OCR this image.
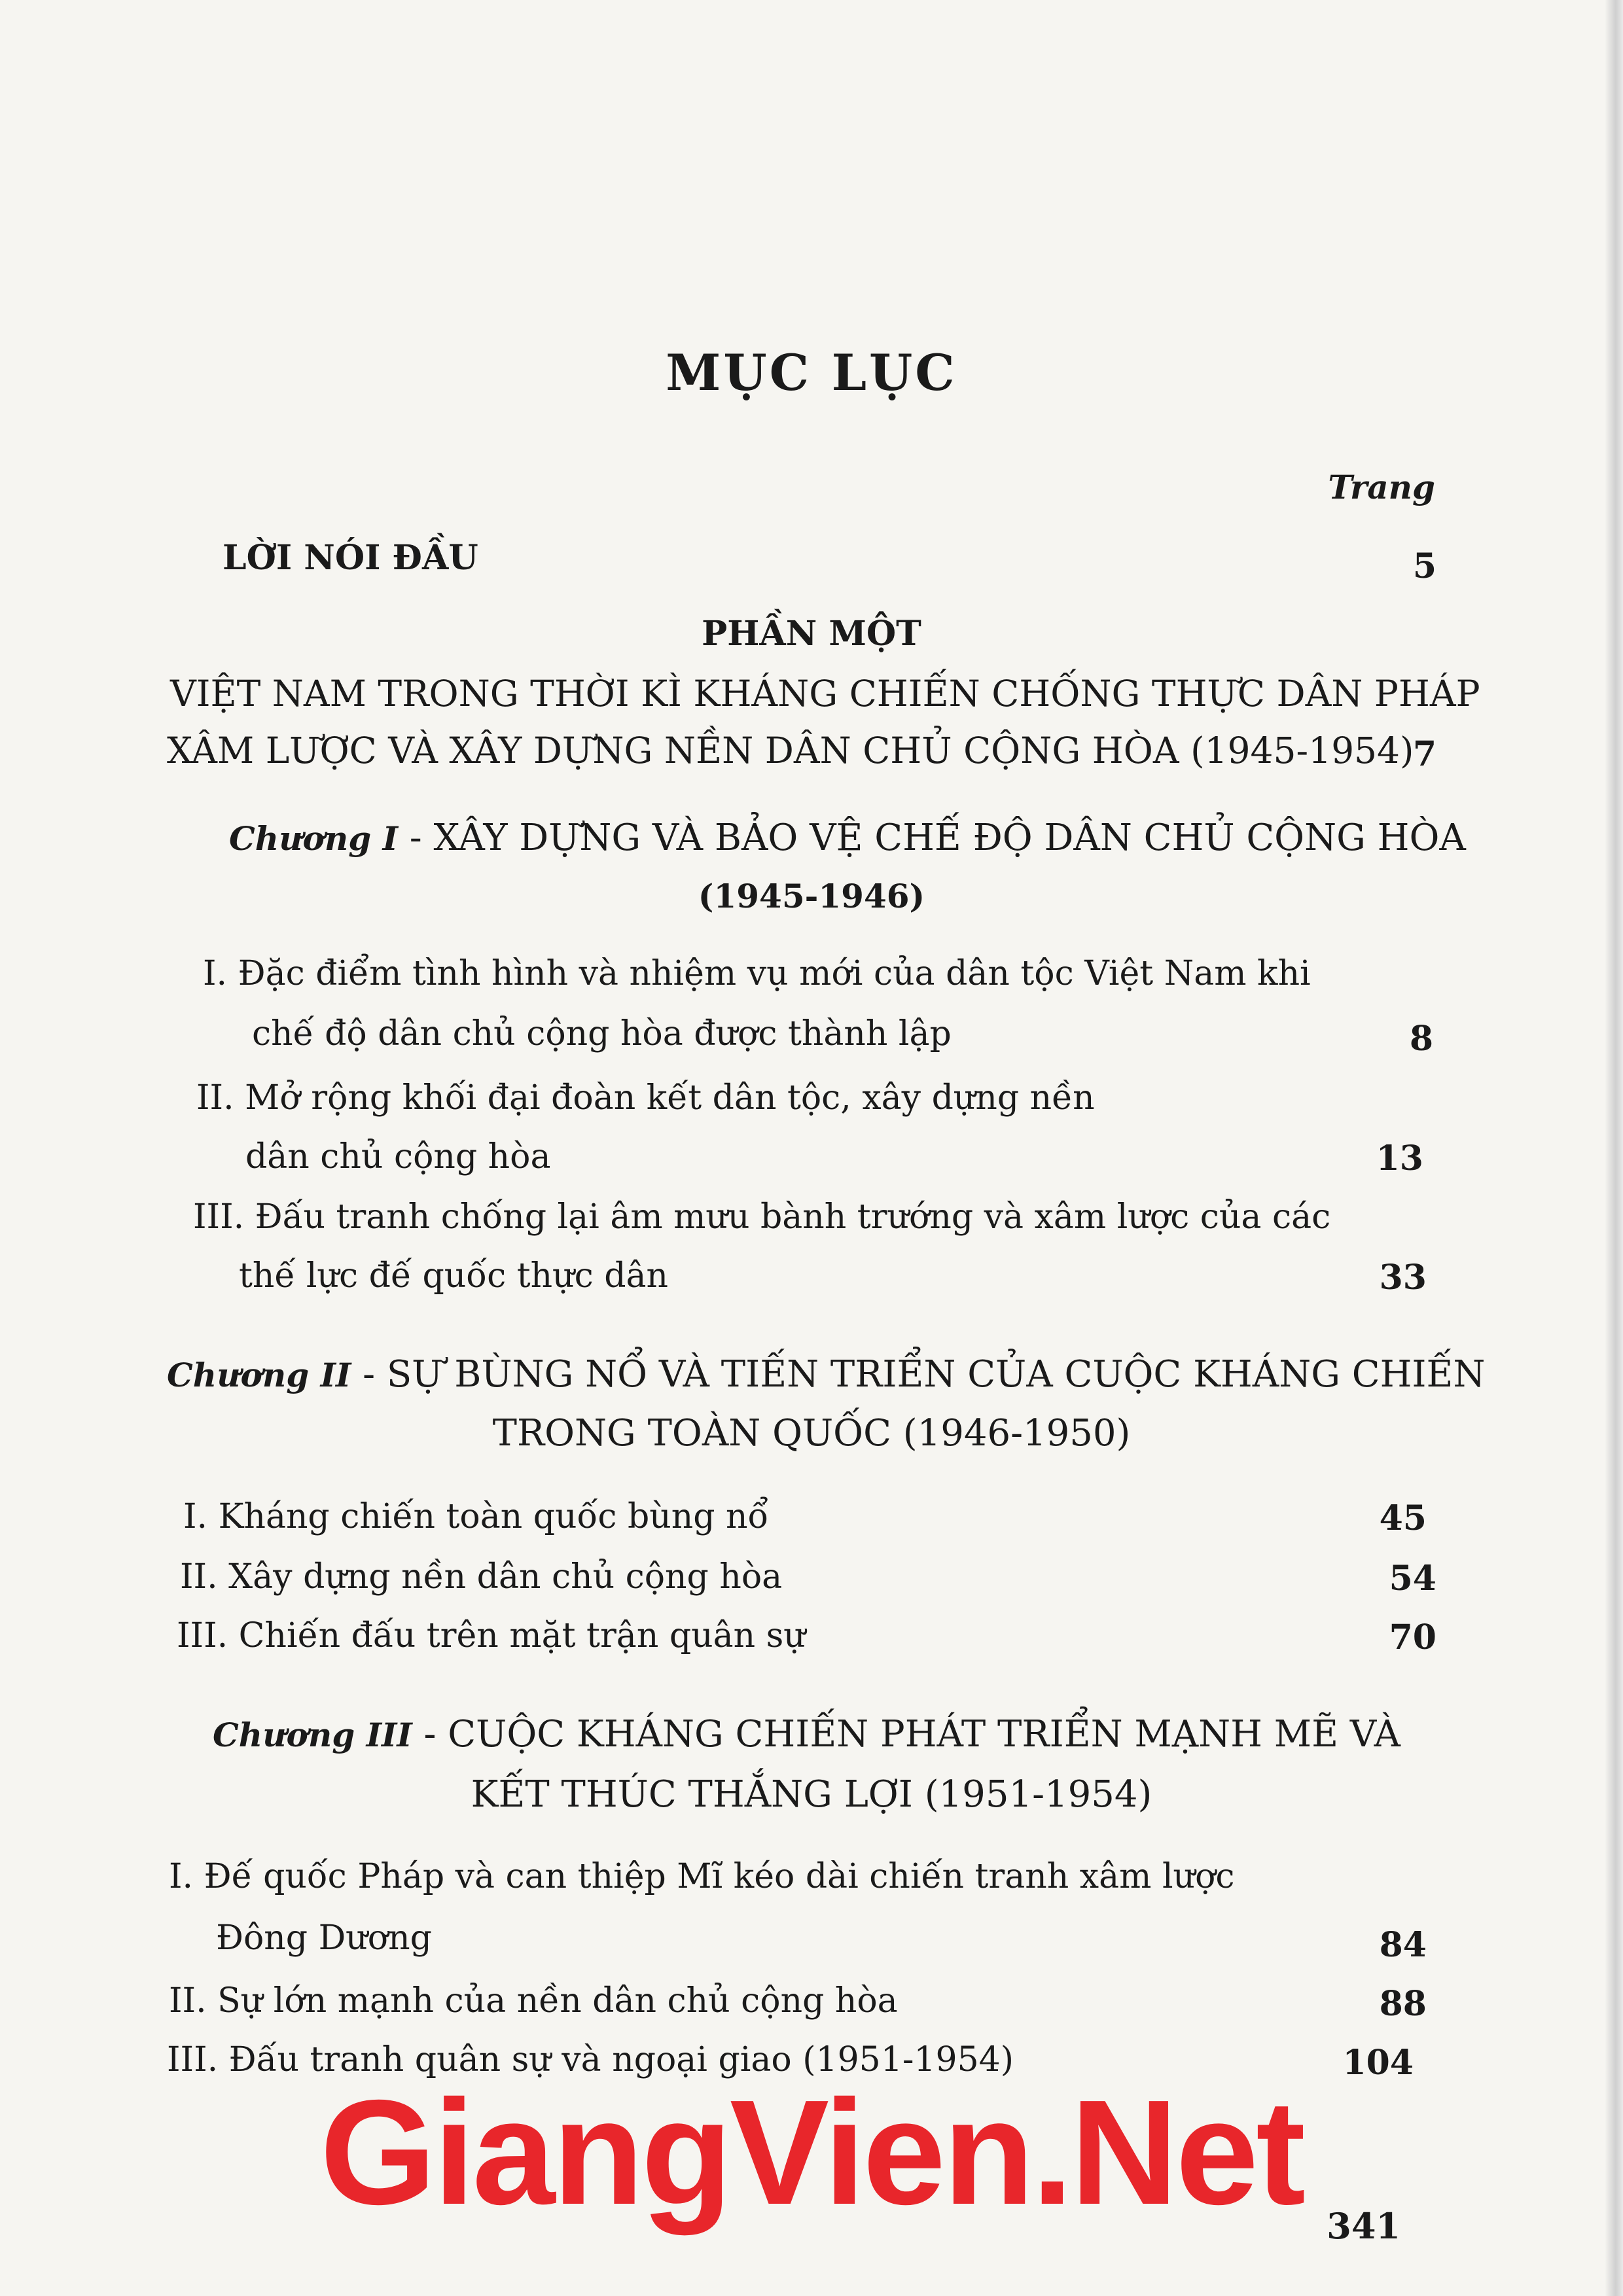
MỤC LỤC
Trang
LỜI NÓI ĐẦU	5
PHẦN MỘT
VIỆT NAM TRONG THỜI KÌ KHÁNG CHIẾN CHỐNG THỰC DÂN PHÁP
XÂM LƯỢC VÀ XÂY DỰNG NỀN DÂN CHỦ CỘNG HÒA (1945-1954)
7
Chương I - XÂY DỰNG VÀ BẢO VỆ CHẾ ĐỘ DÂN CHỦ CỘNG HÒA
(1945-1946)
I. Đặc điểm tình hình và nhiệm vụ mới của dân tộc Việt Nam khi
chế độ dân chủ cộng hòa được thành lập	8
II. Mở rộng khối đại đoàn kết dân tộc, xây dựng nền
dân chủ cộng hòa	13
III. Đấu tranh chống lại âm mưu bành trướng và xâm lược của các
thế lực đế quốc thực dân	33
Chương II - SỰ BÙNG NỔ VÀ TIẾN TRIỂN CỦA CUỘC KHÁNG CHIẾN
TRONG TOÀN QUỐC (1946-1950)
I. Kháng chiến toàn quốc bùng nổ	45
II. Xây dựng nền dân chủ cộng hòa	54
III. Chiến đấu trên mặt trận quân sự	70
Chương III - CUỘC KHÁNG CHIẾN PHÁT TRIỂN MẠNH MẼ VÀ
KẾT THÚC THẮNG LỢI (1951-1954)
I. Đế quốc Pháp và can thiệp Mĩ kéo dài chiến tranh xâm lược
Đông Dương	84
II. Sự lớn mạnh của nền dân chủ cộng hòa	88
III. Đấu tranh quân sự và ngoại giao (1951-1954)	104
GiangVien.Net 341
